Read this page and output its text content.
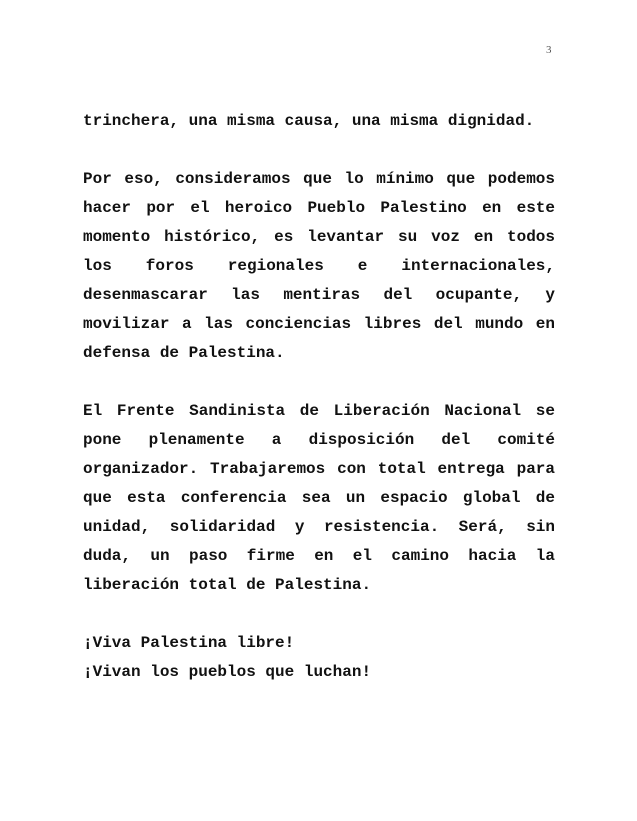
3

trinchera, una misma causa, una misma dignidad.

Por eso, consideramos que lo mínimo que podemos hacer por el heroico Pueblo Palestino en este momento histórico, es levantar su voz en todos los foros regionales e internacionales, desenmascarar las mentiras del ocupante, y movilizar a las conciencias libres del mundo en defensa de Palestina.

El Frente Sandinista de Liberación Nacional se pone plenamente a disposición del comité organizador. Trabajaremos con total entrega para que esta conferencia sea un espacio global de unidad, solidaridad y resistencia. Será, sin duda, un paso firme en el camino hacia la liberación total de Palestina.

¡Viva Palestina libre!
¡Vivan los pueblos que luchan!
